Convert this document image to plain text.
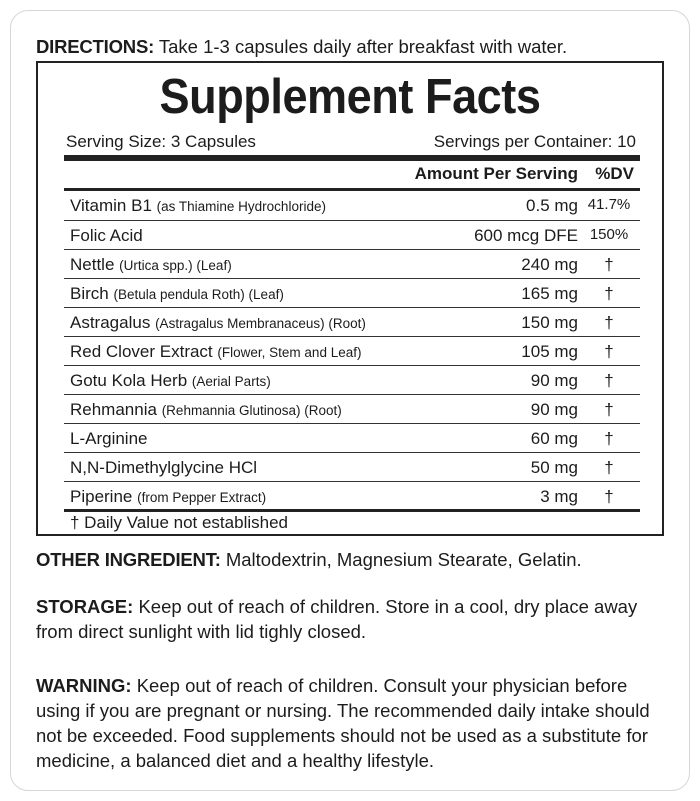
DIRECTIONS: Take 1-3 capsules daily after breakfast with water.
Supplement Facts
Serving Size: 3 Capsules	Servings per Container: 10
Amount Per Serving %DV
Vitamin B1 (as Thiamine Hydrochloride)	0.5 mg 41.7%
Folic Acid	600 mcg DFE 150%
Nettle (Urtica spp.) (Leaf)	240 mg	†
Birch (Betula pendula Roth) (Leaf)	165 mg	†
Astragalus (Astragalus Membranaceus) (Root)	150 mg	†
Red Clover Extract (Flower, Stem and Leaf)	105 mg	†
Gotu Kola Herb (Aerial Parts)	90 mg	†
Rehmannia (Rehmannia Glutinosa) (Root)	90 mg	†
L-Arginine	60 mg	†
N,N-Dimethylglycine HCl	50 mg	†
Piperine (from Pepper Extract)	3 mg	†
† Daily Value not established
OTHER INGREDIENT: Maltodextrin, Magnesium Stearate, Gelatin.
STORAGE: Keep out of reach of children. Store in a cool, dry place away from direct sunlight with lid tighly closed.
WARNING: Keep out of reach of children. Consult your physician before using if you are pregnant or nursing. The recommended daily intake should not be exceeded. Food supplements should not be used as a substitute for medicine, a balanced diet and a healthy lifestyle.
